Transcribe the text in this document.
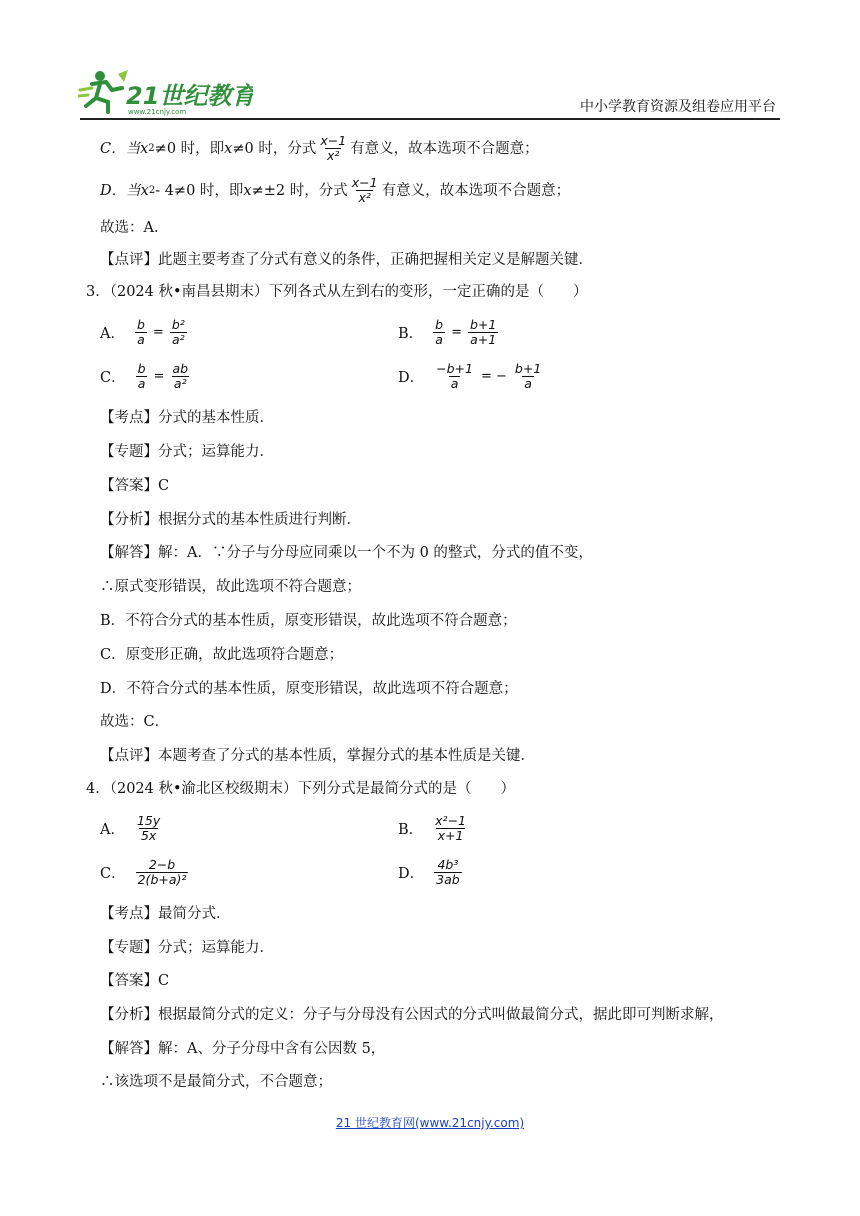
21世纪教育
www.21cnjy.com	中小学教育资源及组卷应用平台
C．当 x 2 ≠0 时，即 x ≠0 时，分式 $\frac{x-1}{\text{x²}}$ 有意义，故本选项不合题意；
D．当 x 2 - 4≠0 时，即 x ≠±2 时，分式 $\frac{x-1}{\text{x²}}$ 有意义，故本选项不合题意；
故选：A．
【点评】此题主要考查了分式有意义的条件，正确把握相关定义是解题关键．
3．（2024 秋•南昌县期末）下列各式从左到右的变形，一定正确的是（　　）
A． $\frac{b}{a} = \frac{\text{b²}}{\text{a²}}$	B． $\frac{b}{a} = \frac{b+1}{a+1}$
C． $\frac{b}{a} = \frac{ab}{\text{a²}}$	D． $\frac{-b+1}{a}$ = − $\frac{b+1}{a}$
【考点】分式的基本性质．
【专题】分式；运算能力．
【答案】C
【分析】根据分式的基本性质进行判断．
【解答】解：A．∵分子与分母应同乘以一个不为 0 的整式，分式的值不变，
∴原式变形错误，故此选项不符合题意；
B．不符合分式的基本性质，原变形错误，故此选项不符合题意；
C．原变形正确，故此选项符合题意；
D．不符合分式的基本性质，原变形错误，故此选项不符合题意；
故选：C．
【点评】本题考查了分式的基本性质，掌握分式的基本性质是关键．
4．（2024 秋•渝北区校级期末）下列分式是最简分式的是（　　）
A． $\frac{15y}{5x}$	B． $\frac{\text{x²−1}}{x+1}$
C． $\frac{2-b}{\text{2(b+a)²}}$	D． $\frac{\text{4b³}}{3ab}$
【考点】最简分式．
【专题】分式；运算能力．
【答案】C
【分析】根据最简分式的定义：分子与分母没有公因式的分式叫做最简分式，据此即可判断求解，
【解答】解：A、分子分母中含有公因数 5，
∴该选项不是最简分式，不合题意；
21 世纪教育网(www.21cnjy.com)
